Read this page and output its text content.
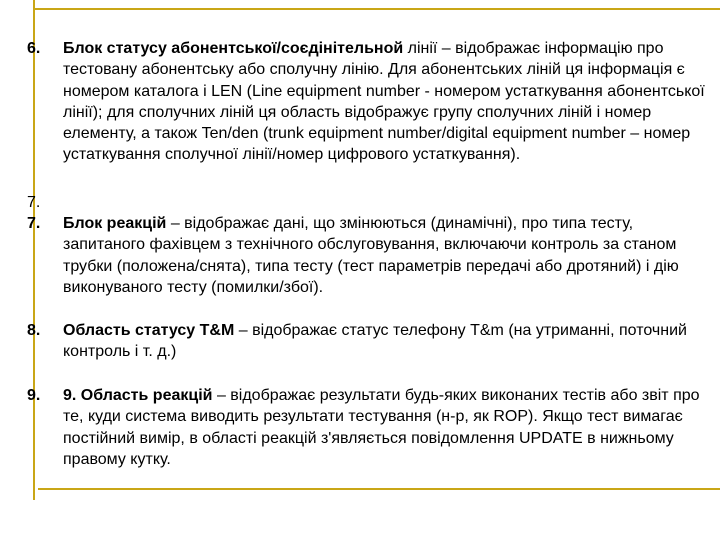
6. Блок статусу абонентської/соєдінітельной лінії – відображає інформацію про тестовану абонентську або сполучну лінію. Для абонентських ліній ця інформація є номером каталога і LEN (Line equipment number - номером устаткування абонентської лінії); для сполучних ліній ця область відображує групу сполучних ліній і номер елементу, а також Ten/den (trunk equipment number/digital equipment number – номер устаткування сполучної лінії/номер цифрового устаткування).
7.
7. Блок реакцій – відображає дані, що змінюються (динамічні), про типа тесту, запитаного фахівцем з технічного обслуговування, включаючи контроль за станом трубки (положена/снята), типа тесту (тест параметрів передачі або дротяний) і дію виконуваного тесту (помилки/збої).
8. Область статусу T&M – відображає статус телефону T&m (на утриманні, поточний контроль і т. д.)
9. 9. Область реакцій – відображає результати будь-яких виконаних тестів або звіт про те, куди система виводить результати тестування (н-р, як ROP). Якщо тест вимагає постійний вимір, в області реакцій з'являється повідомлення UPDATE в нижньому правому кутку.
